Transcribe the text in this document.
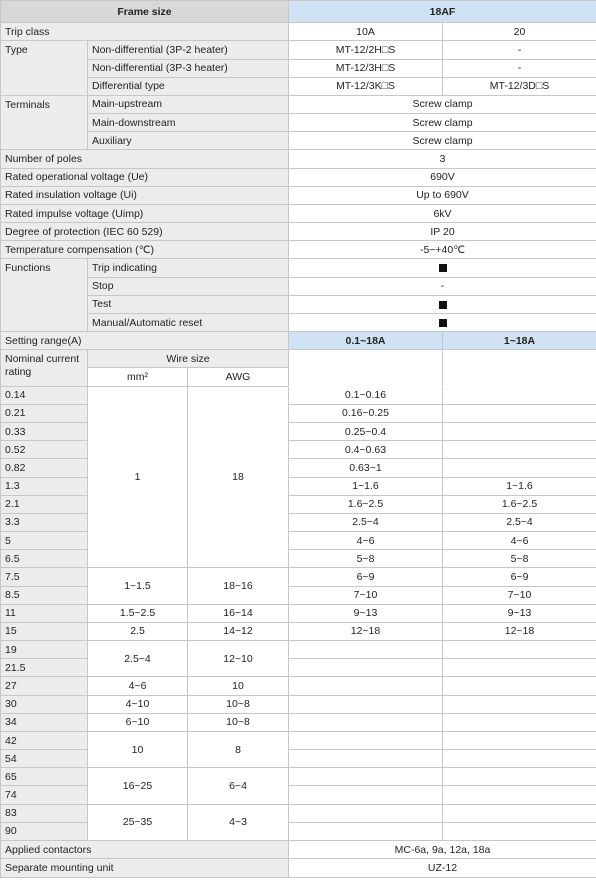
Frame size			18AF	
Trip class			10A	20
Type	Non-differential (3P-2 heater)		MT-12/2H□S	-
	Non-differential (3P-3 heater)		MT-12/3H□S	-
	Differential type		MT-12/3K□S	MT-12/3D□S
Terminals	Main-upstream		Screw clamp	
	Main-downstream		Screw clamp	
	Auxiliary		Screw clamp	
Number of poles			3	
Rated operational voltage (Ue)			690V	
Rated insulation voltage (Ui)			Up to 690V	
Rated impulse voltage (Uimp)			6kV	
Degree of protection (IEC 60 529)			IP 20	
Temperature compensation (℃)			-5~+40℃	
Functions	Trip indicating			
	Stop		-	
	Test			
	Manual/Automatic reset			
Setting range(A)			0.1~18A	1~18A
Nominal current rating	Wire size			
	mm²	AWG		
0.14	1	18	0.1~0.16	
0.21			0.16~0.25	
0.33			0.25~0.4	
0.52			0.4~0.63	
0.82			0.63~1	
1.3			1~1.6	1~1.6
2.1			1.6~2.5	1.6~2.5
3.3			2.5~4	2.5~4
5			4~6	4~6
6.5			5~8	5~8
7.5	1~1.5	18~16	6~9	6~9
8.5			7~10	7~10
11	1.5~2.5	16~14	9~13	9~13
15	2.5	14~12	12~18	12~18
19	2.5~4	12~10		
21.5				
27	4~6	10		
30	4~10	10~8		
34	6~10	10~8		
42	10	8		
54				
65	16~25	6~4		
74				
83	25~35	4~3		
90				
Applied contactors			MC-6a, 9a, 12a, 18a	
Separate mounting unit			UZ-12	
